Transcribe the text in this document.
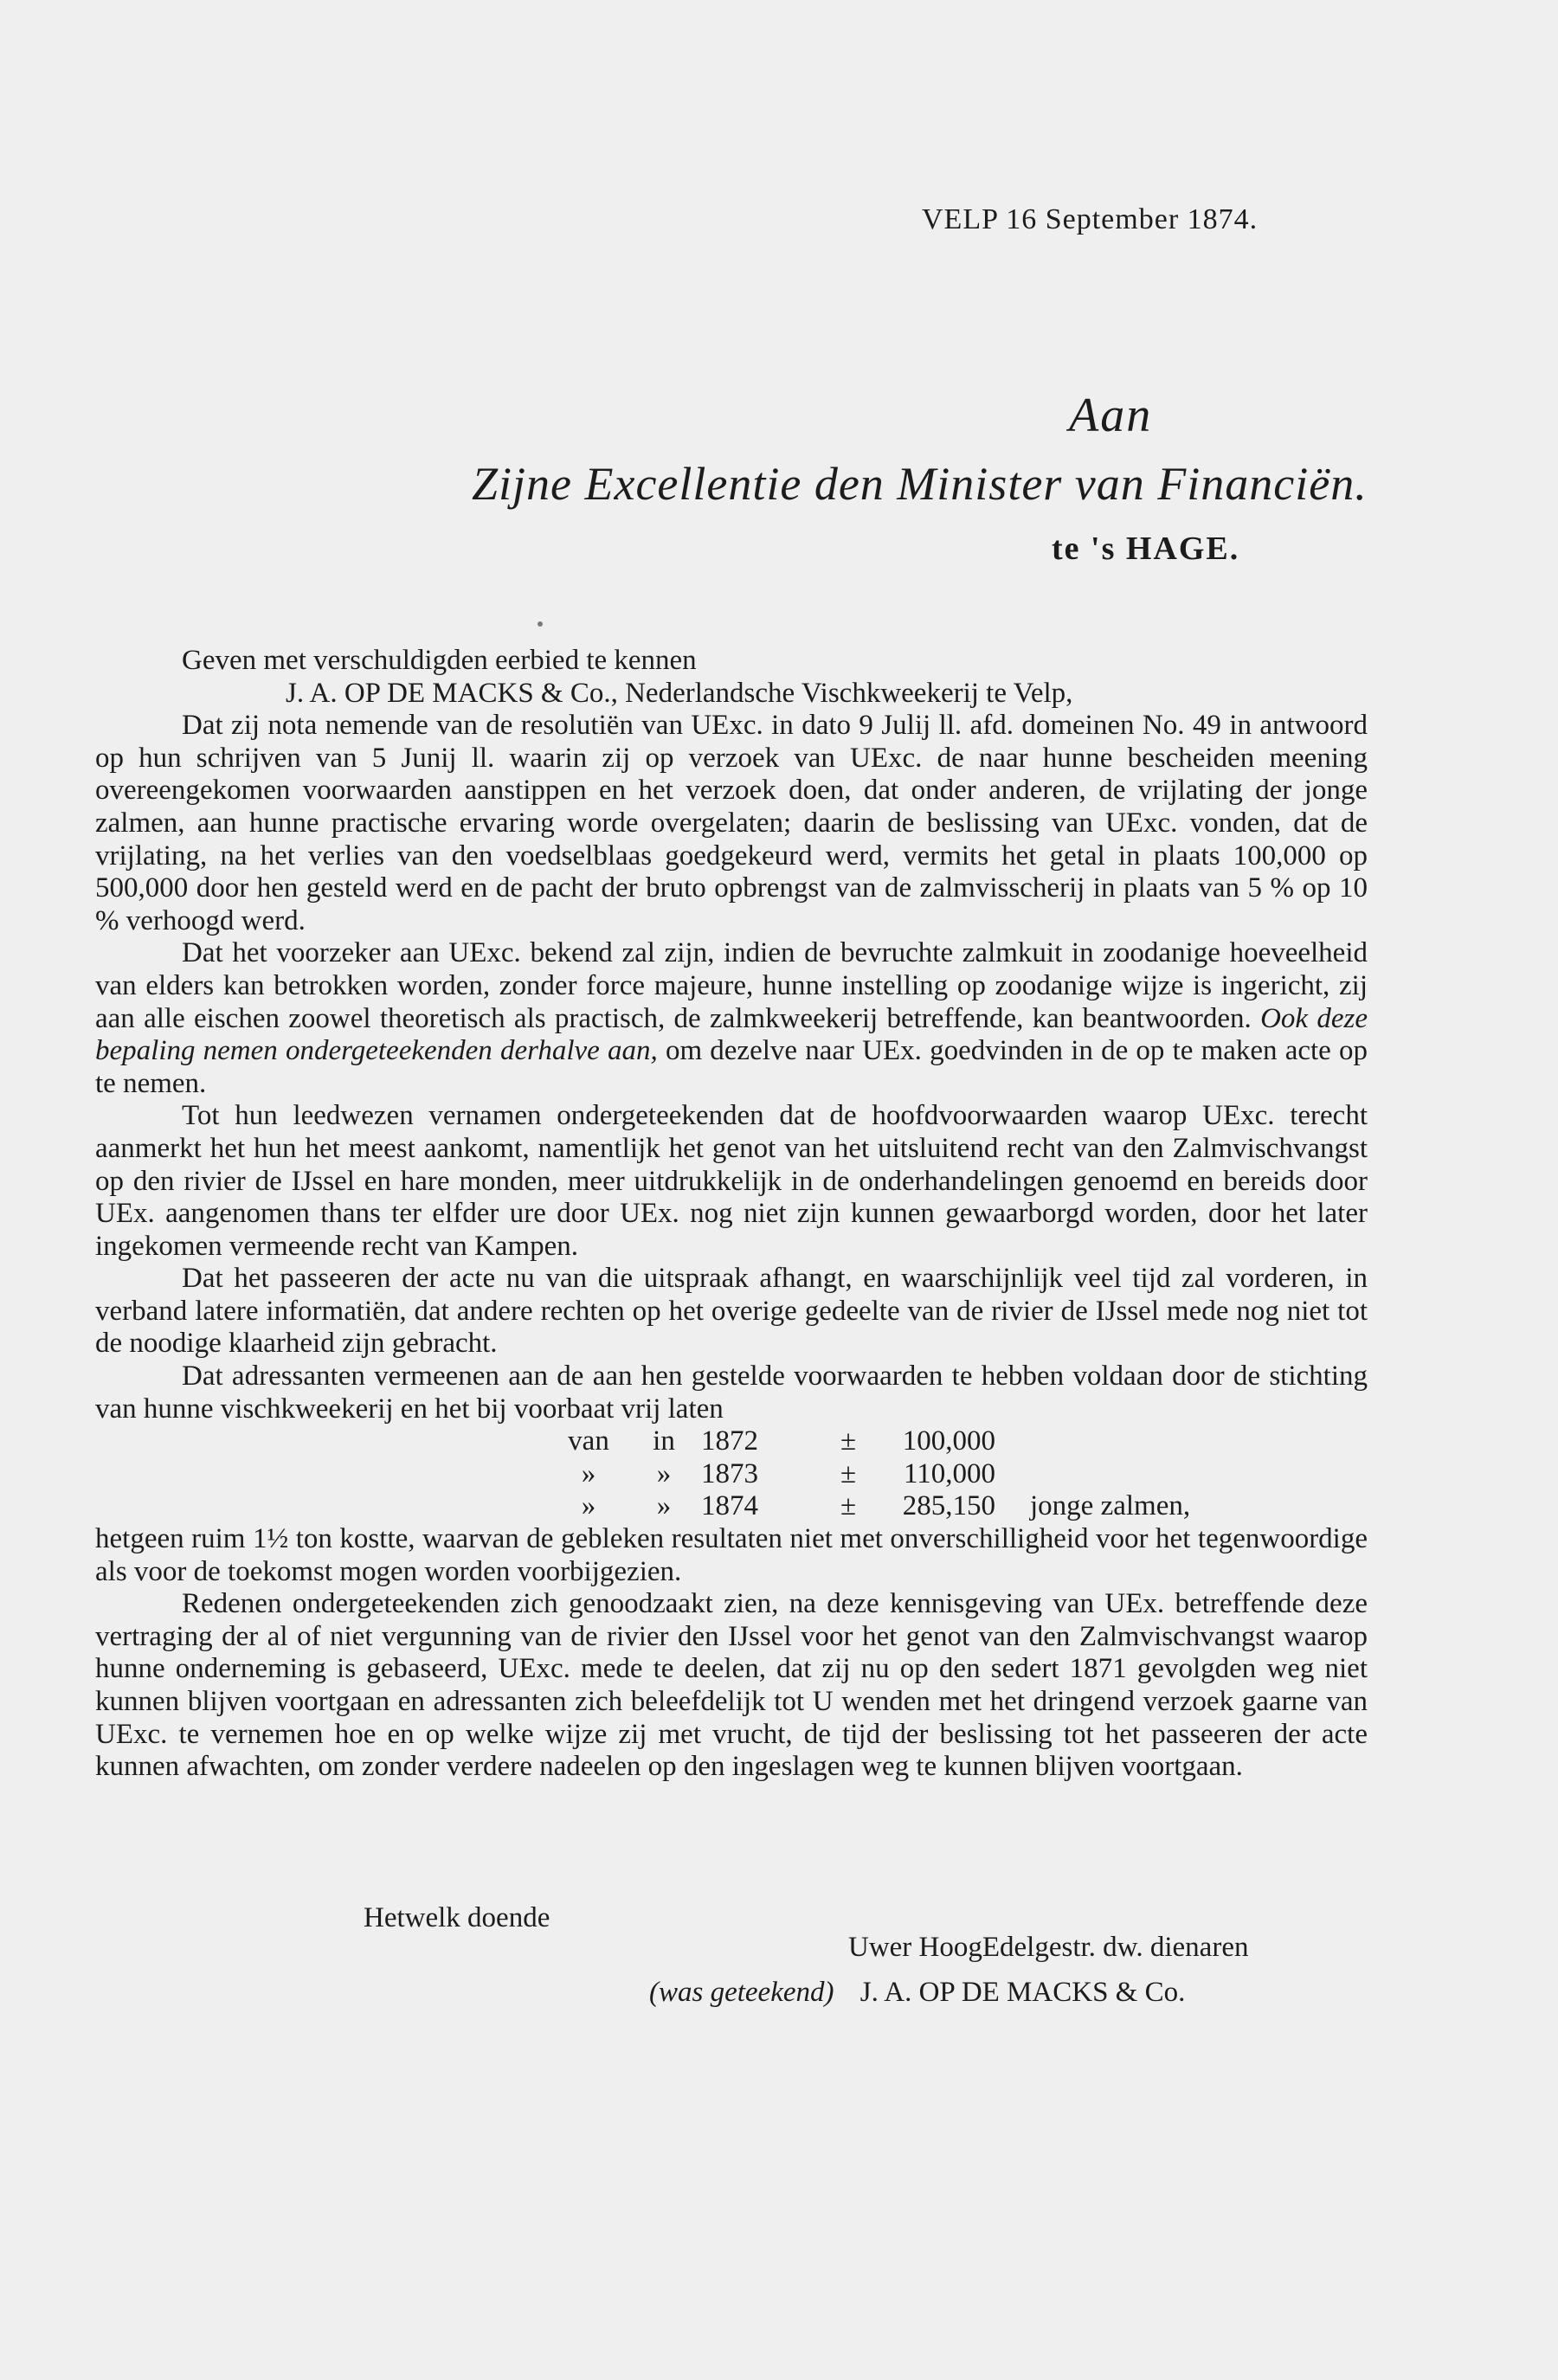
VELP 16 September 1874.
Aan
Zijne Excellentie den Minister van Financiën.
te 's HAGE.

Geven met verschuldigden eerbied te kennen

J. A. OP DE MACKS & Co., Nederlandsche Vischkweekerij te Velp,

Dat zij nota nemende van de resolutiën van UExc. in dato 9 Julij ll. afd. domeinen No. 49 in antwoord op hun schrijven van 5 Junij ll. waarin zij op verzoek van UExc. de naar hunne bescheiden meening overeengekomen voorwaarden aanstippen en het verzoek doen, dat onder anderen, de vrijlating der jonge zalmen, aan hunne practische ervaring worde overgelaten; daarin de beslissing van UExc. vonden, dat de vrijlating, na het verlies van den voedselblaas goedgekeurd werd, vermits het getal in plaats 100,000 op 500,000 door hen gesteld werd en de pacht der bruto opbrengst van de zalmvisscherij in plaats van 5 % op 10 % verhoogd werd.

Dat het voorzeker aan UExc. bekend zal zijn, indien de bevruchte zalmkuit in zoodanige hoeveelheid van elders kan betrokken worden, zonder force majeure, hunne instelling op zoodanige wijze is ingericht, zij aan alle eischen zoowel theoretisch als practisch, de zalmkweekerij betreffende, kan beantwoorden. Ook deze bepaling nemen ondergeteekenden derhalve aan, om dezelve naar UEx. goedvinden in de op te maken acte op te nemen.

Tot hun leedwezen vernamen ondergeteekenden dat de hoofdvoorwaarden waarop UExc. terecht aanmerkt het hun het meest aankomt, namentlijk het genot van het uitsluitend recht van den Zalmvischvangst op den rivier de IJssel en hare monden, meer uitdrukkelijk in de onderhandelingen genoemd en bereids door UEx. aangenomen thans ter elfder ure door UEx. nog niet zijn kunnen gewaarborgd worden, door het later ingekomen vermeende recht van Kampen.

Dat het passeeren der acte nu van die uitspraak afhangt, en waarschijnlijk veel tijd zal vorderen, in verband latere informatiën, dat andere rechten op het overige gedeelte van de rivier de IJssel mede nog niet tot de noodige klaarheid zijn gebracht.

Dat adressanten vermeenen aan de aan hen gestelde voorwaarden te hebben voldaan door de stichting van hunne vischkweekerij en het bij voorbaat vrij laten

van	in 1872	±	100,000
»	»	1873	±	110,000
»	»	1874	±	285,150 jonge zalmen,

hetgeen ruim 1½ ton kostte, waarvan de gebleken resultaten niet met onverschilligheid voor het tegenwoordige als voor de toekomst mogen worden voorbijgezien.

Redenen ondergeteekenden zich genoodzaakt zien, na deze kennisgeving van UEx. betreffende deze vertraging der al of niet vergunning van de rivier den IJssel voor het genot van den Zalmvischvangst waarop hunne onderneming is gebaseerd, UExc. mede te deelen, dat zij nu op den sedert 1871 gevolgden weg niet kunnen blijven voortgaan en adressanten zich beleefdelijk tot U wenden met het dringend verzoek gaarne van UExc. te vernemen hoe en op welke wijze zij met vrucht, de tijd der beslissing tot het passeeren der acte kunnen afwachten, om zonder verdere nadeelen op den ingeslagen weg te kunnen blijven voortgaan.

Hetwelk doende
Uwer HoogEdelgestr. dw. dienaren
(was geteekend) J. A. OP DE MACKS & Co.
